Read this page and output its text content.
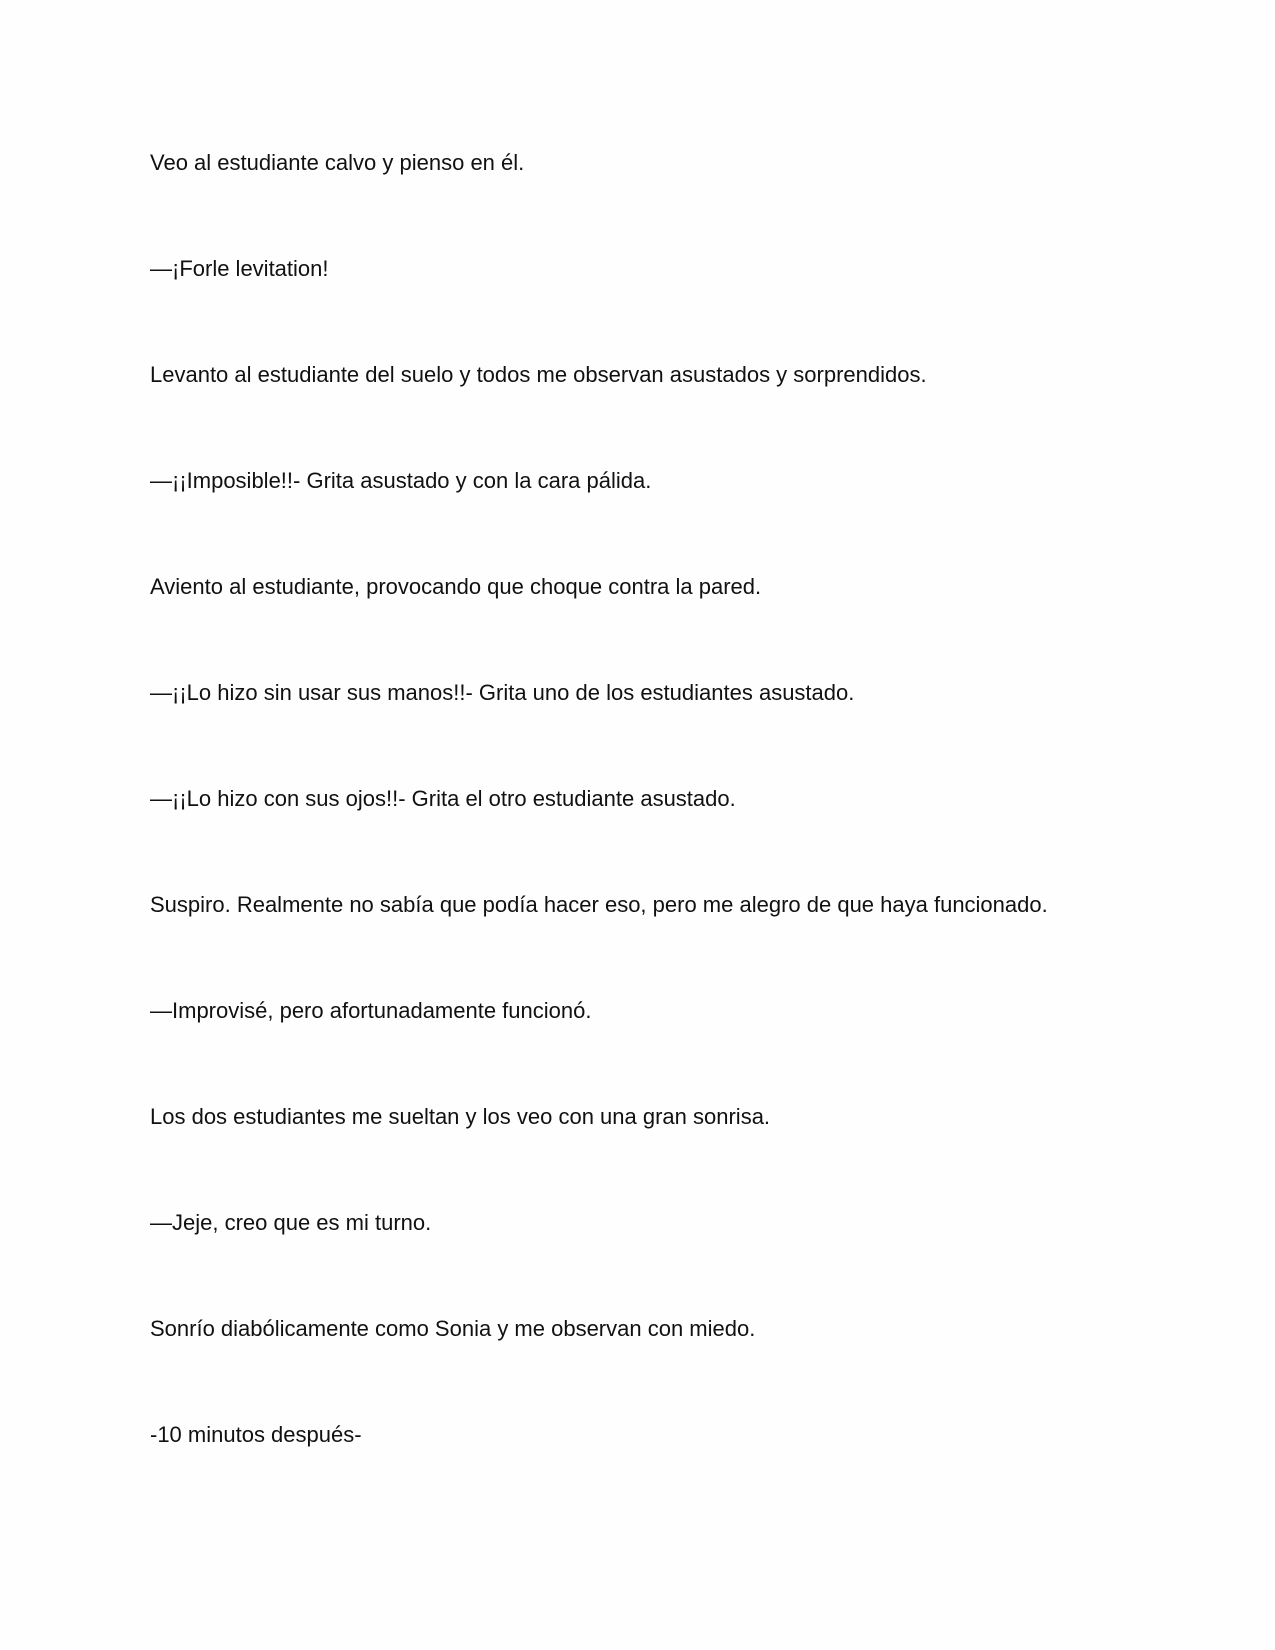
Veo al estudiante calvo y pienso en él.

—¡Forle levitation!

Levanto al estudiante del suelo y todos me observan asustados y sorprendidos.

—¡¡Imposible!!- Grita asustado y con la cara pálida.

Aviento al estudiante, provocando que choque contra la pared.

—¡¡Lo hizo sin usar sus manos!!- Grita uno de los estudiantes asustado.

—¡¡Lo hizo con sus ojos!!- Grita el otro estudiante asustado.

Suspiro. Realmente no sabía que podía hacer eso, pero me alegro de que haya funcionado.

—Improvisé, pero afortunadamente funcionó.

Los dos estudiantes me sueltan y los veo con una gran sonrisa.

—Jeje, creo que es mi turno.

Sonrío diabólicamente como Sonia y me observan con miedo.

-10 minutos después-
